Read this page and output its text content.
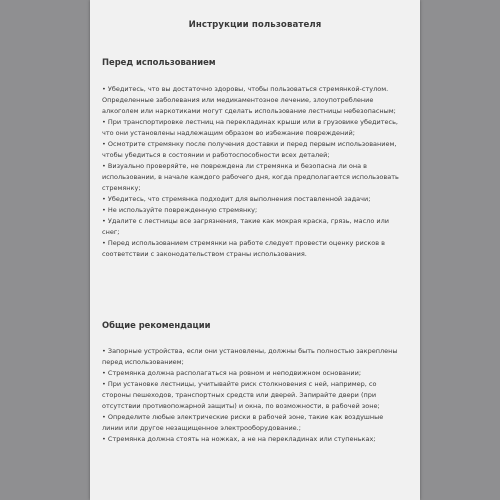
Инструкции пользователя
Перед использованием
• Убедитесь, что вы достаточно здоровы, чтобы пользоваться стремянкой-стулом. Определенные заболевания или медикаментозное лечение, злоупотребление алкоголем или наркотиками могут сделать использование лестницы небезопасным;
• При транспортировке лестниц на перекладинах крыши или в грузовике убедитесь, что они установлены надлежащим образом во избежание повреждений;
• Осмотрите стремянку после получения доставки и перед первым использованием, чтобы убедиться в состоянии и работоспособности всех деталей;
• Визуально проверяйте, не повреждена ли стремянка и безопасна ли она в использовании, в начале каждого рабочего дня, когда предполагается использовать стремянку;
• Убедитесь, что стремянка подходит для выполнения поставленной задачи;
• Не используйте поврежденную стремянку;
• Удалите с лестницы все загрязнения, такие как мокрая краска, грязь, масло или снег;
• Перед использованием стремянки на работе следует провести оценку рисков в соответствии с законодательством страны использования.
Общие рекомендации
• Запорные устройства, если они установлены, должны быть полностью закреплены перед использованием;
• Стремянка должна располагаться на ровном и неподвижном основании;
• При установке лестницы, учитывайте риск столкновения с ней, например, со стороны пешеходов, транспортных средств или дверей. Запирайте двери (при отсутствии противопожарной защиты) и окна, по возможности, в рабочей зоне;
• Определите любые электрические риски в рабочей зоне, такие как воздушные линии или другое незащищенное электрооборудование.;
• Стремянка должна стоять на ножках, а не на перекладинах или ступеньках;
